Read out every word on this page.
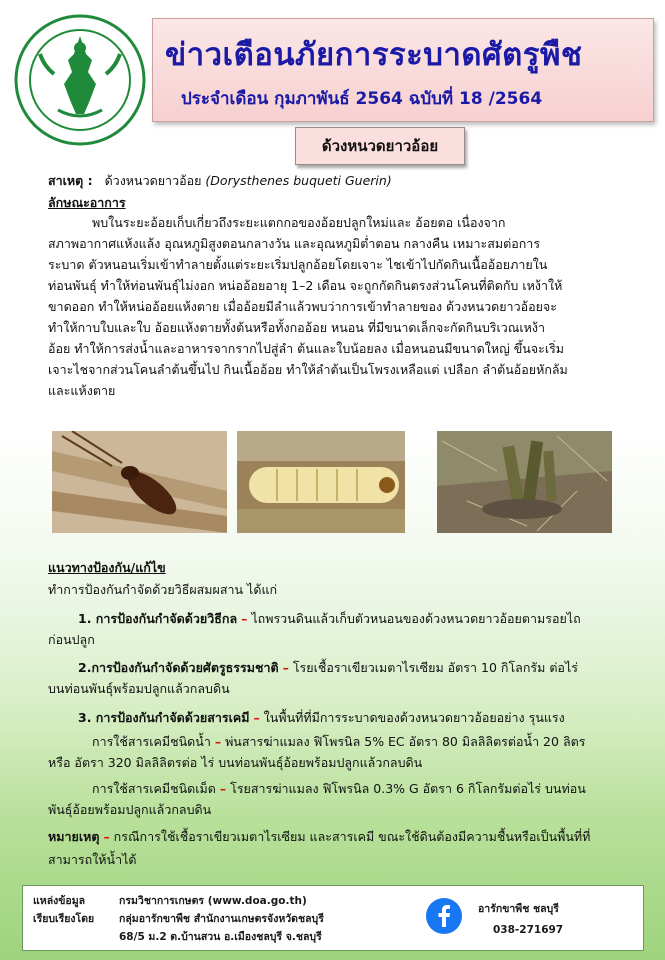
ข่าวเตือนภัยการระบาดศัตรูพืช
ประจำเดือน กุมภาพันธ์ 2564 ฉบับที่ 18 /2564
ด้วงหนวดยาวอ้อย
สาเหตุ : ด้วงหนวดยาวอ้อย (Dorysthenes buqueti Guerin)
ลักษณะอาการ
พบในระยะอ้อยเก็บเกี่ยวถึงระยะแตกกอของอ้อยปลูกใหม่และ อ้อยตอ เนื่องจาก
สภาพอากาศแห้งแล้ง อุณหภูมิสูงตอนกลางวัน และอุณหภูมิต่ำตอน กลางคืน เหมาะสมต่อการ
ระบาด ตัวหนอนเริ่มเข้าทำลายตั้งแต่ระยะเริ่มปลูกอ้อยโดยเจาะ ไชเข้าไปกัดกินเนื้ออ้อยภายใน
ท่อนพันธุ์ ทำให้ท่อนพันธุ์ไม่งอก หน่ออ้อยอายุ 1–2 เดือน จะถูกกัดกินตรงส่วนโคนที่ติดกับ เหง้าให้
ขาดออก ทำให้หน่ออ้อยแห้งตาย เมื่ออ้อยมีลำแล้วพบว่าการเข้าทำลายของ ด้วงหนวดยาวอ้อยจะ
ทำให้กาบใบและใบ อ้อยแห้งตายทั้งต้นหรือทั้งกออ้อย หนอน ที่มีขนาดเล็กจะกัดกินบริเวณเหง้า
อ้อย ทำให้การส่งน้ำและอาหารจากรากไปสู่ลำ ต้นและใบน้อยลง เมื่อหนอนมีขนาดใหญ่ ขึ้นจะเริ่ม
เจาะไชจากส่วนโคนลำต้นขึ้นไป กินเนื้ออ้อย ทำให้ลำต้นเป็นโพรงเหลือแต่ เปลือก ลำต้นอ้อยหักล้ม
และแห้งตาย
แนวทางป้องกัน/แก้ไข
ทำการป้องกันกำจัดด้วยวิธีผสมผสาน ได้แก่
1. การป้องกันกำจัดด้วยวิธีกล – ไถพรวนดินแล้วเก็บตัวหนอนของด้วงหนวดยาวอ้อยตามรอยไถ
ก่อนปลูก
2.การป้องกันกำจัดด้วยศัตรูธรรมชาติ – โรยเชื้อราเขียวเมตาไรเซียม อัตรา 10 กิโลกรัม ต่อไร่
บนท่อนพันธุ์พร้อมปลูกแล้วกลบดิน
3. การป้องกันกำจัดด้วยสารเคมี – ในพื้นที่ที่มีการระบาดของด้วงหนวดยาวอ้อยอย่าง รุนแรง
การใช้สารเคมีชนิดน้ำ – พ่นสารฆ่าแมลง ฟิโพรนิล 5% EC อัตรา 80 มิลลิลิตรต่อน้ำ 20 ลิตร
หรือ อัตรา 320 มิลลิลิตรต่อ ไร่ บนท่อนพันธุ์อ้อยพร้อมปลูกแล้วกลบดิน
การใช้สารเคมีชนิดเม็ด – โรยสารฆ่าแมลง ฟิโพรนิล 0.3% G อัตรา 6 กิโลกรัมต่อไร่ บนท่อน
พันธุ์อ้อยพร้อมปลูกแล้วกลบดิน
หมายเหตุ – กรณีการใช้เชื้อราเขียวเมตาไรเซียม และสารเคมี ขณะใช้ดินต้องมีความชื้นหรือเป็นพื้นที่ที่
สามารถให้น้ำได้
แหล่งข้อมูล	กรมวิชาการเกษตร (www.doa.go.th)
เรียบเรียงโดย กลุ่มอารักขาพืช สำนักงานเกษตรจังหวัดชลบุรี
68/5 ม.2 ต.บ้านสวน อ.เมืองชลบุรี จ.ชลบุรี
อารักขาพืช ชลบุรี
038-271697
